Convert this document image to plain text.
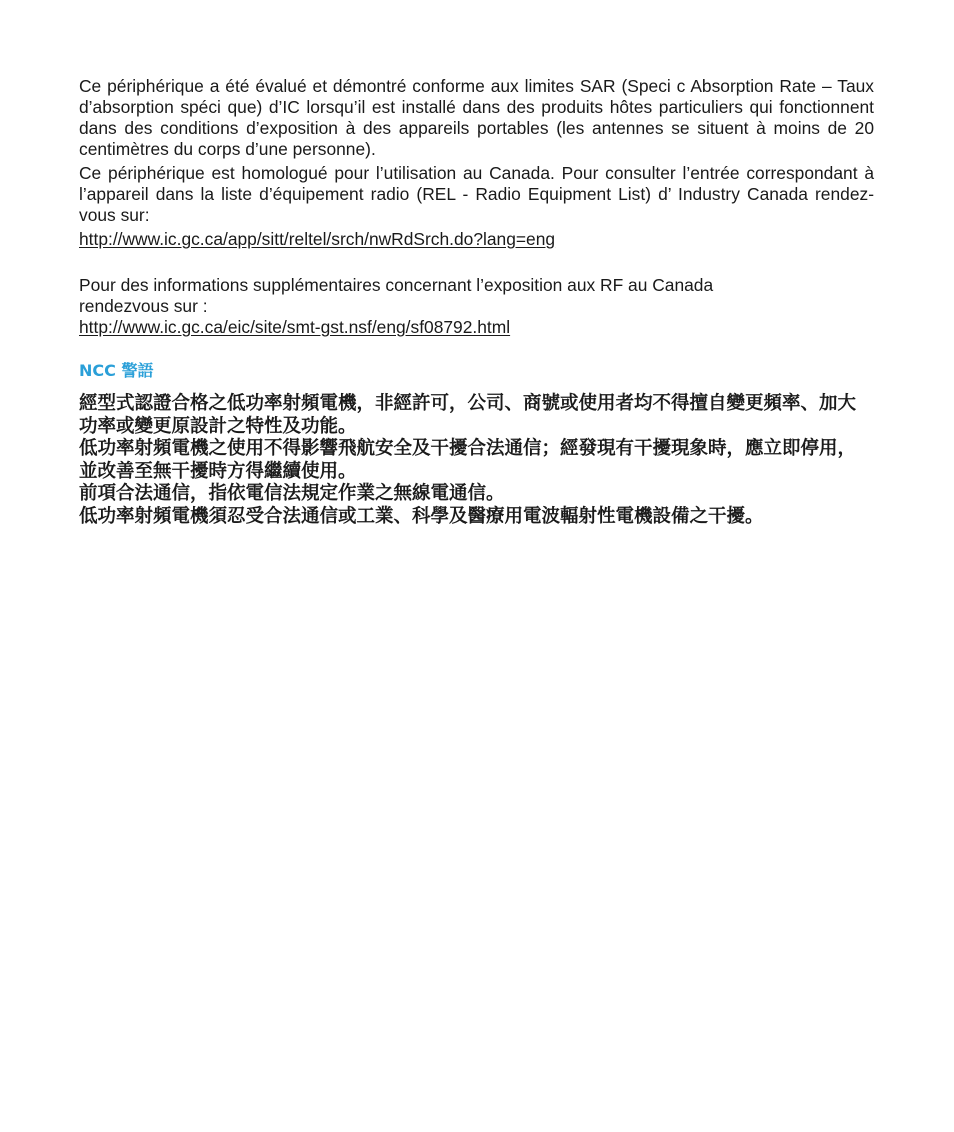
Ce périphérique a été évalué et démontré conforme aux limites SAR (Speci c Absorption Rate – Taux d’absorption spéci que) d’IC lorsqu’il est installé dans des produits hôtes particuliers qui fonctionnent dans des conditions d’exposition à des appareils portables (les antennes se situent à moins de 20 centimètres du corps d’une personne).

Ce périphérique est homologué pour l’utilisation au Canada. Pour consulter l’entrée correspondant à l’appareil dans la liste d’équipement radio (REL - Radio Equipment List) d’ Industry Canada rendez-vous sur:

http://www.ic.gc.ca/app/sitt/reltel/srch/nwRdSrch.do?lang=eng

Pour des informations supplémentaires concernant l’exposition aux RF au Canada
rendezvous sur :

http://www.ic.gc.ca/eic/site/smt-gst.nsf/eng/sf08792.html

NCC 警語

經型式認證合格之低功率射頻電機，非經許可，公司、商號或使用者均不得擅自變更頻率、加大功率或變更原設計之特性及功能。

低功率射頻電機之使用不得影響飛航安全及干擾合法通信；經發現有干擾現象時，應立即停用，並改善至無干擾時方得繼續使用。

前項合法通信，指依電信法規定作業之無線電通信。

低功率射頻電機須忍受合法通信或工業、科學及醫療用電波輻射性電機設備之干擾。
